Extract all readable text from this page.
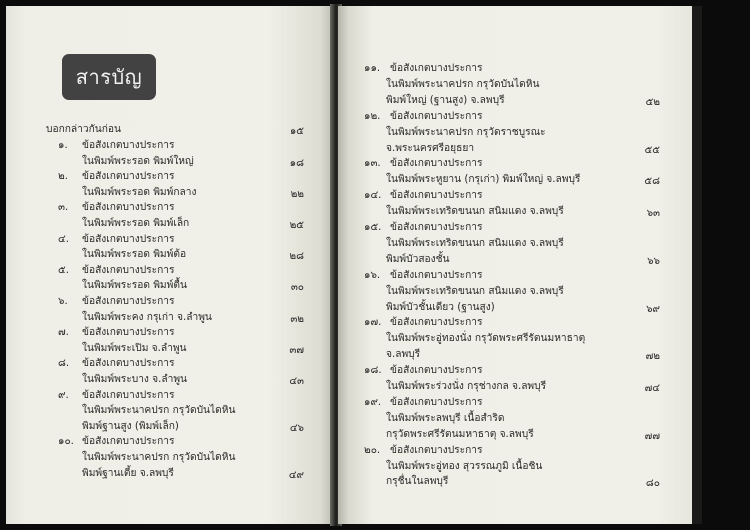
สารบัญ
บอกกล่าวกันก่อน	๑๕
๑. ข้อสังเกตบางประการ
ในพิมพ์พระรอด พิมพ์ใหญ่	๑๘
๒. ข้อสังเกตบางประการ
ในพิมพ์พระรอด พิมพ์กลาง	๒๒
๓. ข้อสังเกตบางประการ
ในพิมพ์พระรอด พิมพ์เล็ก	๒๕
๔. ข้อสังเกตบางประการ
ในพิมพ์พระรอด พิมพ์ต้อ	๒๘
๕. ข้อสังเกตบางประการ
ในพิมพ์พระรอด พิมพ์ตื้น	๓๐
๖. ข้อสังเกตบางประการ
ในพิมพ์พระคง กรุเก่า จ.ลำพูน	๓๒
๗. ข้อสังเกตบางประการ
ในพิมพ์พระเปิม จ.ลำพูน	๓๗
๘. ข้อสังเกตบางประการ
ในพิมพ์พระบาง จ.ลำพูน	๔๓
๙. ข้อสังเกตบางประการ
ในพิมพ์พระนาคปรก กรุวัดบันไดหิน
พิมพ์ฐานสูง (พิมพ์เล็ก)	๔๖
๑๐. ข้อสังเกตบางประการ
ในพิมพ์พระนาคปรก กรุวัดบันไดหิน
พิมพ์ฐานเตี้ย จ.ลพบุรี	๔๙
๑๑. ข้อสังเกตบางประการ
ในพิมพ์พระนาคปรก กรุวัดบันไดหิน
พิมพ์ใหญ่ (ฐานสูง) จ.ลพบุรี	๕๒
๑๒. ข้อสังเกตบางประการ
ในพิมพ์พระนาคปรก กรุวัดราชบูรณะ
จ.พระนครศรีอยุธยา	๕๕
๑๓. ข้อสังเกตบางประการ
ในพิมพ์พระหูยาน (กรุเก่า) พิมพ์ใหญ่ จ.ลพบุรี	๕๘
๑๔. ข้อสังเกตบางประการ
ในพิมพ์พระเทริดขนนก สนิมแดง จ.ลพบุรี	๖๓
๑๕. ข้อสังเกตบางประการ
ในพิมพ์พระเทริดขนนก สนิมแดง จ.ลพบุรี
พิมพ์บัวสองชั้น	๖๖
๑๖. ข้อสังเกตบางประการ
ในพิมพ์พระเทริดขนนก สนิมแดง จ.ลพบุรี
พิมพ์บัวชั้นเดียว (ฐานสูง)	๖๙
๑๗. ข้อสังเกตบางประการ
ในพิมพ์พระอู่ทองนั่ง กรุวัดพระศรีรัตนมหาธาตุ
จ.ลพบุรี	๗๒
๑๘. ข้อสังเกตบางประการ
ในพิมพ์พระร่วงนั่ง กรุช่างกล จ.ลพบุรี	๗๔
๑๙. ข้อสังเกตบางประการ
ในพิมพ์พระลพบุรี เนื้อสำริด
กรุวัดพระศรีรัตนมหาธาตุ จ.ลพบุรี	๗๗
๒๐. ข้อสังเกตบางประการ
ในพิมพ์พระอู่ทอง สุวรรณภูมิ เนื้อชิน
กรุชื่นในลพบุรี	๘๐
